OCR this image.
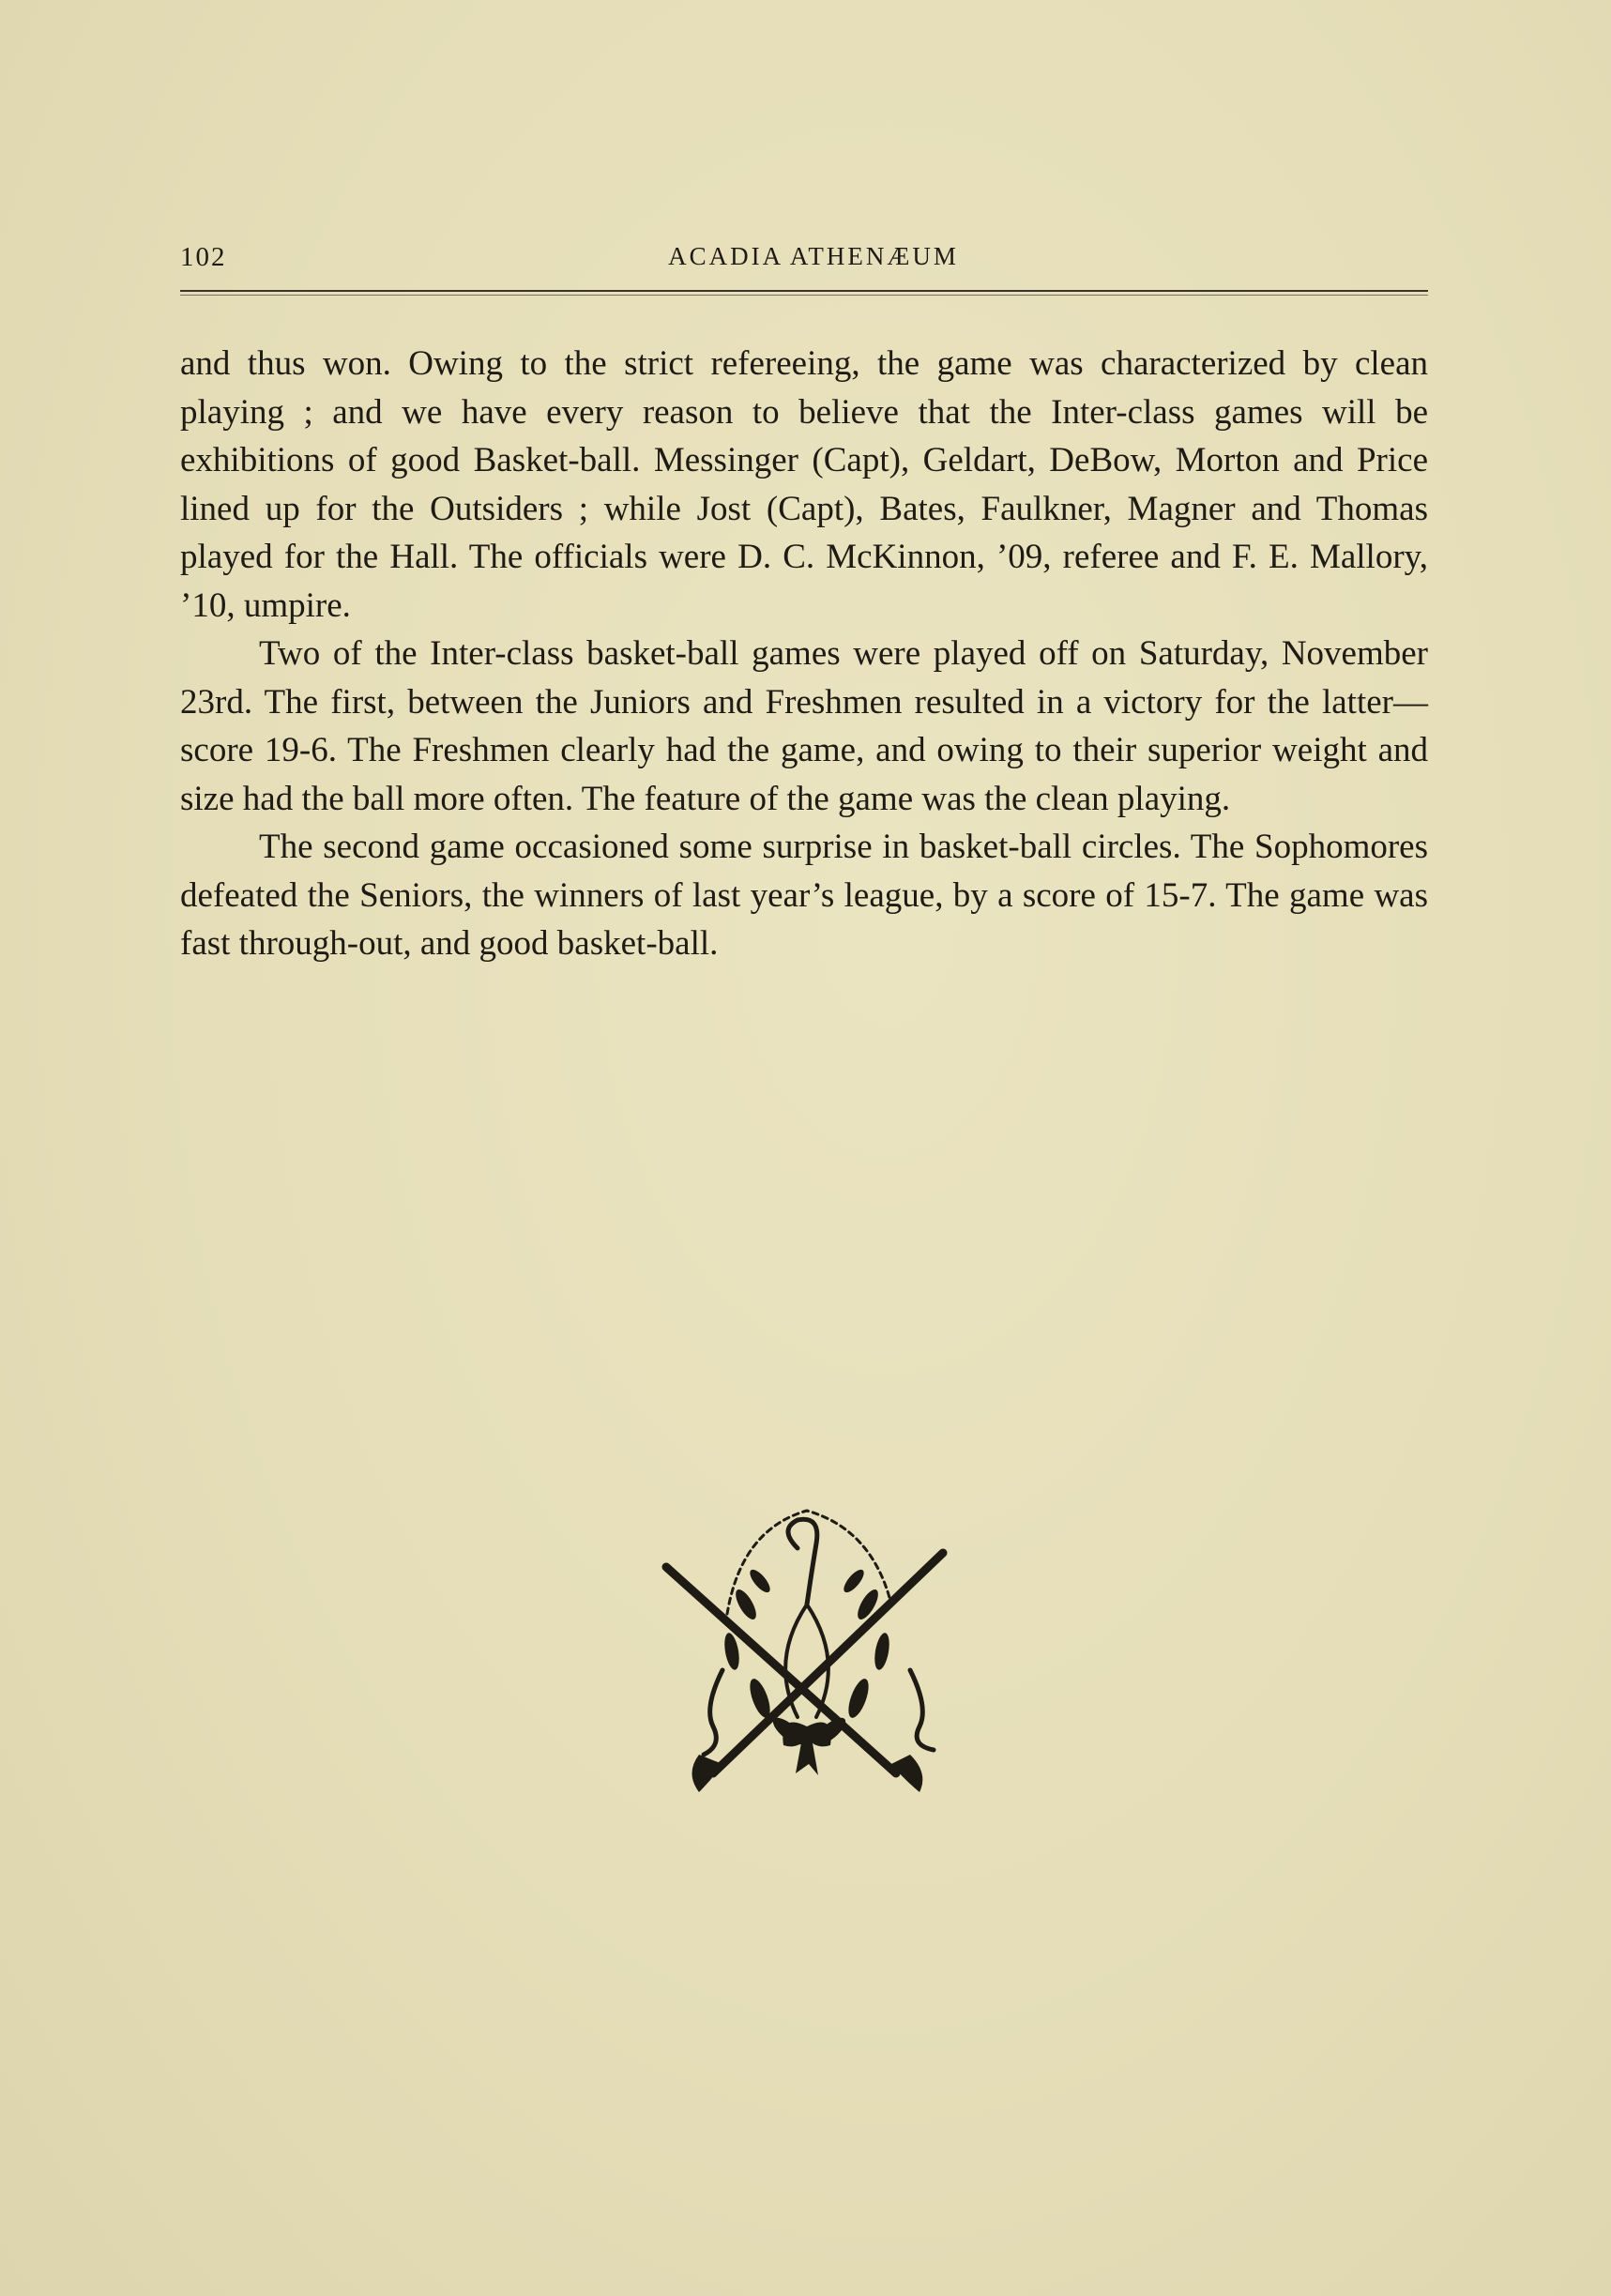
102	ACADIA ATHENÆUM

and thus won. Owing to the strict refereeing, the game was characterized by clean playing ; and we have every reason to believe that the Inter-class games will be exhibitions of good Basket-ball. Messinger (Capt), Geldart, DeBow, Morton and Price lined up for the Outsiders ; while Jost (Capt), Bates, Faulkner, Magner and Thomas played for the Hall. The officials were D. C. McKinnon, ’09, referee and F. E. Mallory, ’10, umpire.

Two of the Inter-class basket-ball games were played off on Saturday, November 23rd. The first, between the Juniors and Freshmen resulted in a victory for the latter—score 19-6. The Freshmen clearly had the game, and owing to their superior weight and size had the ball more often. The feature of the game was the clean playing.

The second game occasioned some surprise in basket-ball circles. The Sophomores defeated the Seniors, the winners of last year’s league, by a score of 15-7. The game was fast through-out, and good basket-ball.
